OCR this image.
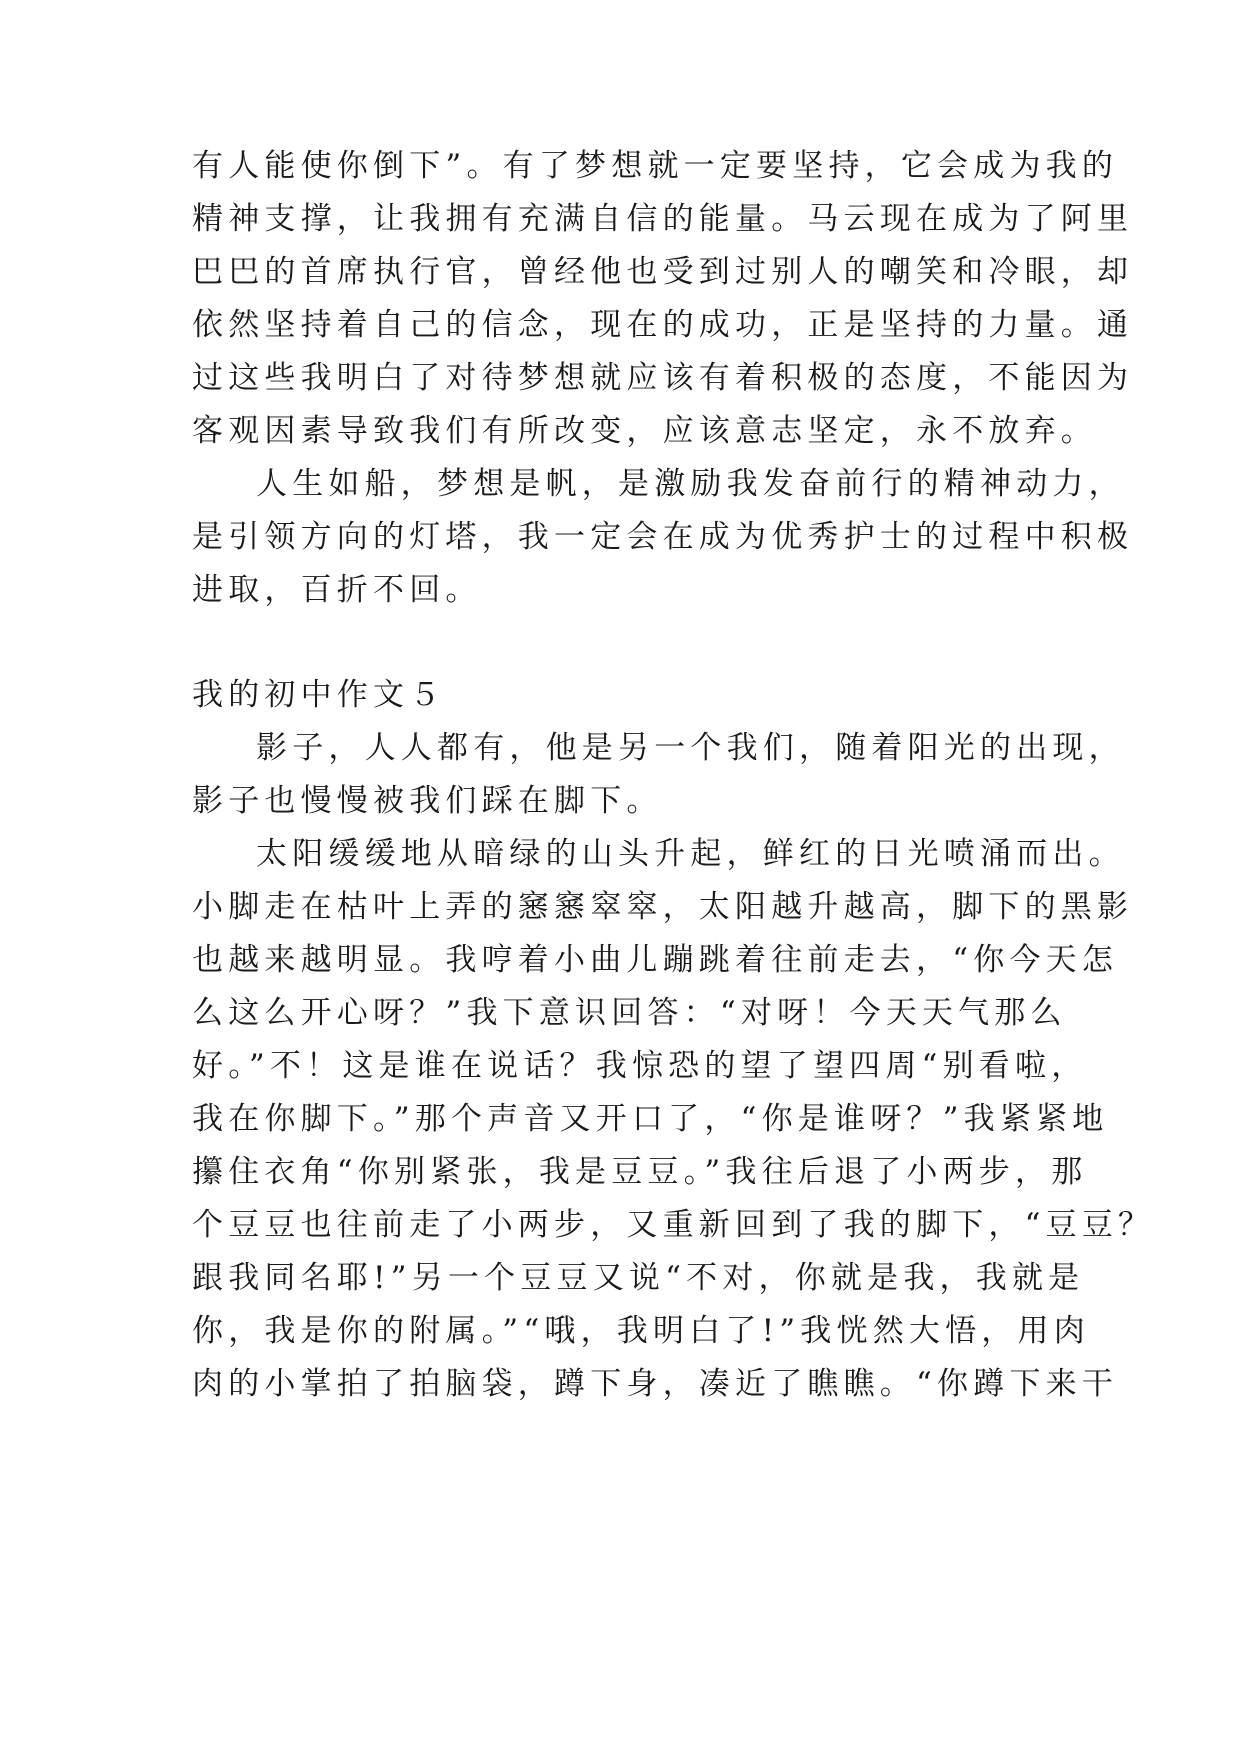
有人能使你倒下”。有了梦想就一定要坚持，它会成为我的
精神支撑，让我拥有充满自信的能量。马云现在成为了阿里
巴巴的首席执行官，曾经他也受到过别人的嘲笑和冷眼，却
依然坚持着自己的信念，现在的成功，正是坚持的力量。通
过这些我明白了对待梦想就应该有着积极的态度，不能因为
客观因素导致我们有所改变，应该意志坚定，永不放弃。
人生如船，梦想是帆，是激励我发奋前行的精神动力，
是引领方向的灯塔，我一定会在成为优秀护士的过程中积极
进取，百折不回。
我的初中作文５
影子，人人都有，他是另一个我们，随着阳光的出现，
影子也慢慢被我们踩在脚下。
太阳缓缓地从暗绿的山头升起，鲜红的日光喷涌而出。
小脚走在枯叶上弄的窸窸窣窣，太阳越升越高，脚下的黑影
也越来越明显。我哼着小曲儿蹦跳着往前走去，“你今天怎
么这么开心呀？”我下意识回答：“对呀！今天天气那么
好。”不！这是谁在说话？我惊恐的望了望四周“别看啦，
我在你脚下。”那个声音又开口了，“你是谁呀？”我紧紧地
攥住衣角“你别紧张，我是豆豆。”我往后退了小两步，那
个豆豆也往前走了小两步，又重新回到了我的脚下，“豆豆？
跟我同名耶!”另一个豆豆又说“不对，你就是我，我就是
你，我是你的附属。”“哦，我明白了!”我恍然大悟，用肉
肉的小掌拍了拍脑袋，蹲下身，凑近了瞧瞧。“你蹲下来干
